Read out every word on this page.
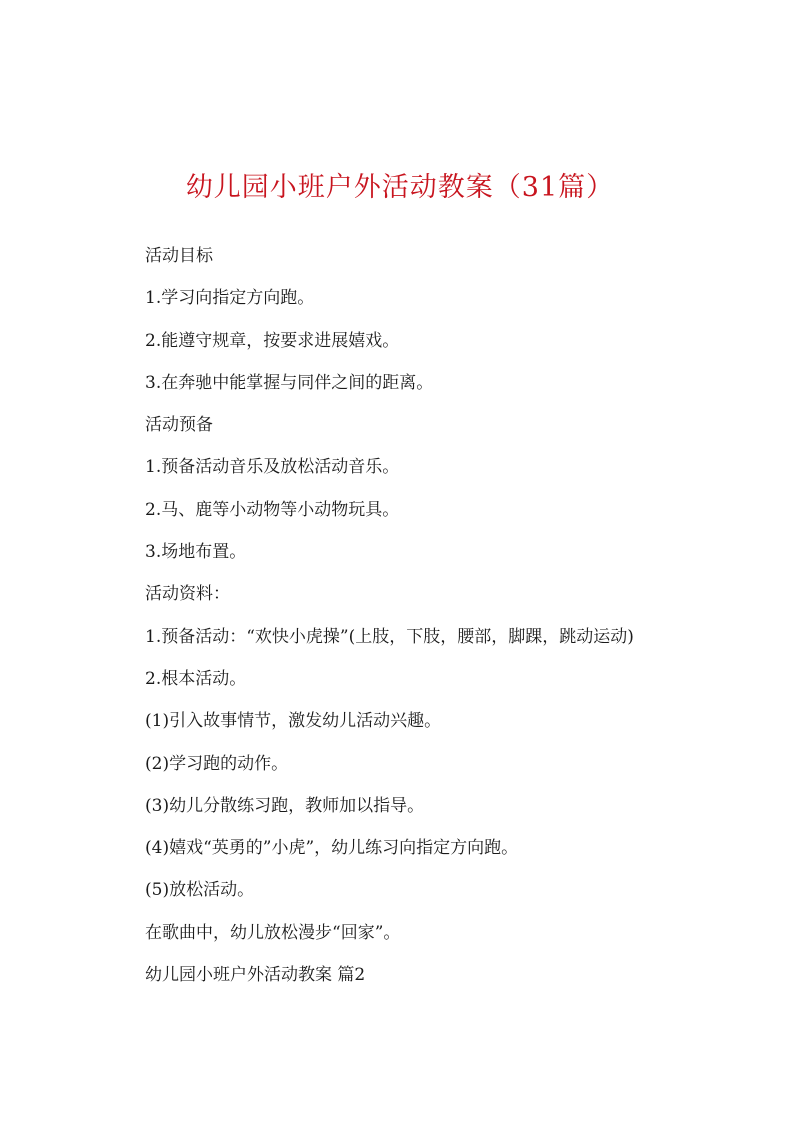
幼儿园小班户外活动教案（31篇）
活动目标
1.学习向指定方向跑。
2.能遵守规章，按要求进展嬉戏。
3.在奔驰中能掌握与同伴之间的距离。
活动预备
1.预备活动音乐及放松活动音乐。
2.马、鹿等小动物等小动物玩具。
3.场地布置。
活动资料：
1.预备活动：“欢快小虎操”(上肢，下肢，腰部，脚踝，跳动运动)
2.根本活动。
(1)引入故事情节，激发幼儿活动兴趣。
(2)学习跑的动作。
(3)幼儿分散练习跑，教师加以指导。
(4)嬉戏“英勇的”小虎”，幼儿练习向指定方向跑。
(5)放松活动。
在歌曲中，幼儿放松漫步“回家”。
幼儿园小班户外活动教案 篇2
